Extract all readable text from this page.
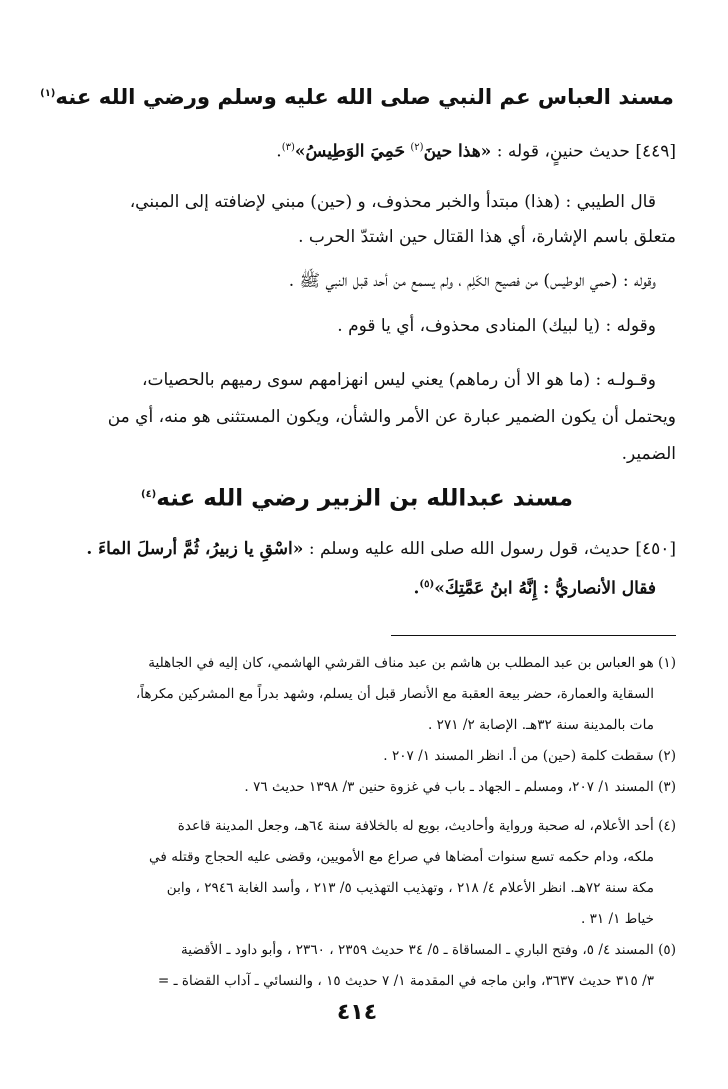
مسند العباس عم النبي صلى الله عليه وسلم ورضي الله عنه$^{(١)}$
[٤٤٩] حديث حنينٍ، قوله : «هذا حينَ$^{(٢)}$ حَمِيَ الوَطِيسُ»$^{(٣)}$.
قال الطيبي : (هذا) مبتدأ والخبر محذوف، و (حين) مبني لإضافته إلى المبني،
متعلق باسم الإشارة، أي هذا القتال حين اشتدّ الحرب .
وقوله : (حمي الوطيس) من فصيح الكَلِم ، ولم يسمع من أحد قبل النبي ﷺ .
وقوله : (يا لبيك) المنادى محذوف، أي يا قوم .
وقـولـه : (ما هو الا أن رماهم) يعني ليس انهزامهم سوى رميهم بالحصيات،
ويحتمل أن يكون الضمير عبارة عن الأمر والشأن، ويكون المستثنى هو منه، أي من
الضمير.
مسند عبدالله بن الزبير رضي الله عنه$^{(٤)}$
[٤٥٠] حديث، قول رسول الله صلى الله عليه وسلم : «اسْقِ يا زبيرُ، ثُمَّ أرسلَ الماءَ .
فقال الأنصاريُّ : إِنَّهُ ابنُ عَمَّتِكَ»$^{(٥)}$.
(١) هو العباس بن عبد المطلب بن هاشم بن عبد مناف القرشي الهاشمي، كان إليه في الجاهلية
السقاية والعمارة، حضر بيعة العقبة مع الأنصار قبل أن يسلم، وشهد بدراً مع المشركين مكرهاً،
مات بالمدينة سنة ٣٢هـ. الإصابة ٢/ ٢٧١ .
(٢) سقطت كلمة (حين) من أ. انظر المسند ١/ ٢٠٧ .
(٣) المسند ١/ ٢٠٧، ومسلم ـ الجهاد ـ باب في غزوة حنين ٣/ ١٣٩٨ حديث ٧٦ .
(٤) أحد الأعلام، له صحبة ورواية وأحاديث، بويع له بالخلافة سنة ٦٤هـ، وجعل المدينة قاعدة
ملكه، ودام حكمه تسع سنوات أمضاها في صراع مع الأمويين، وقضى عليه الحجاج وقتله في
مكة سنة ٧٢هـ. انظر الأعلام ٤/ ٢١٨ ، وتهذيب التهذيب ٥/ ٢١٣ ، وأسد الغابة ٢٩٤٦ ، وابن
خياط ١/ ٣١ .
(٥) المسند ٤/ ٥، وفتح الباري ـ المساقاة ـ ٥/ ٣٤ حديث ٢٣٥٩ ، ٢٣٦٠ ، وأبو داود ـ الأقضية
٣/ ٣١٥ حديث ٣٦٣٧، وابن ماجه في المقدمة ١/ ٧ حديث ١٥ ، والنسائي ـ آداب القضاة ـ =
٤١٤
